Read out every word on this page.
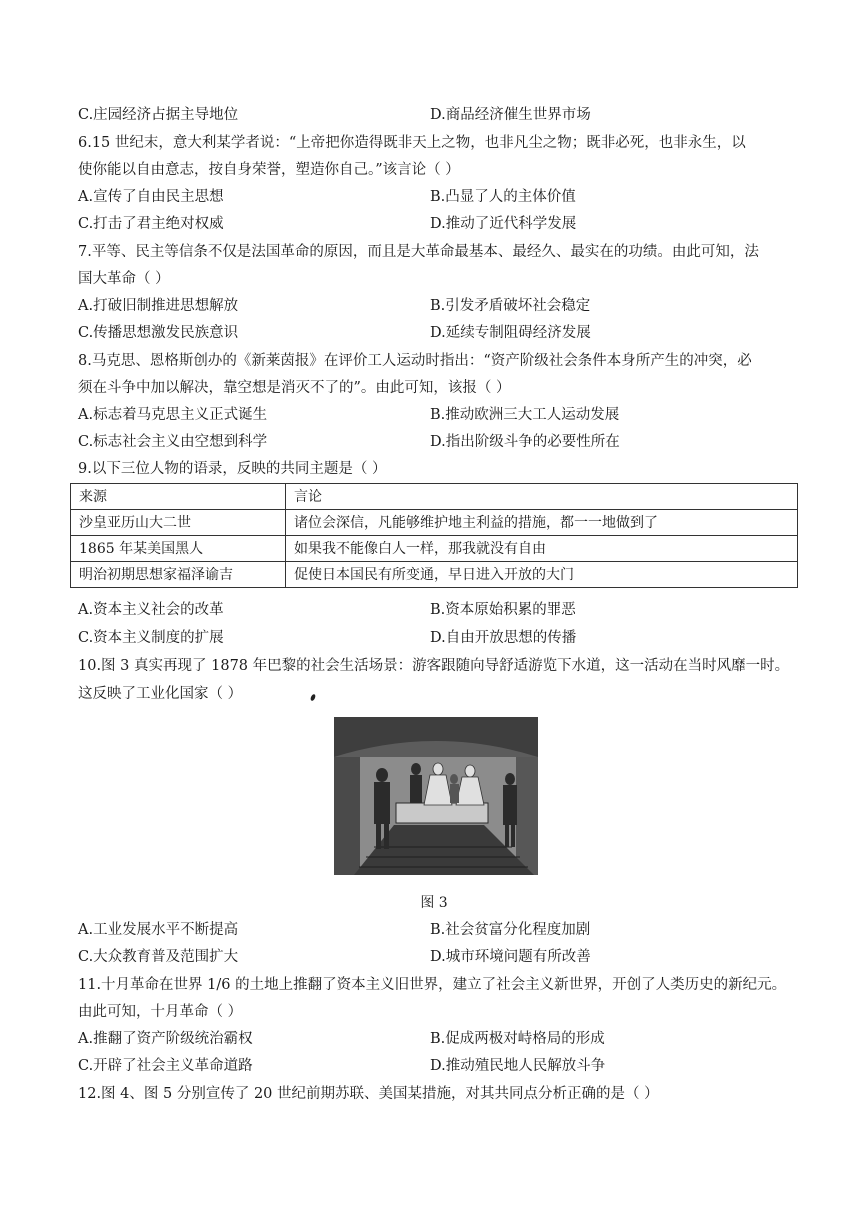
C.庄园经济占据主导地位	D.商品经济催生世界市场
6.15 世纪末，意大利某学者说：“上帝把你造得既非天上之物，也非凡尘之物；既非必死，也非永生，以
使你能以自由意志，按自身荣誉，塑造你自己。”该言论（ ）
A.宣传了自由民主思想	B.凸显了人的主体价值
C.打击了君主绝对权威	D.推动了近代科学发展
7.平等、民主等信条不仅是法国革命的原因，而且是大革命最基本、最经久、最实在的功绩。由此可知，法
国大革命（ ）
A.打破旧制推进思想解放	B.引发矛盾破坏社会稳定
C.传播思想激发民族意识	D.延续专制阻碍经济发展
8.马克思、恩格斯创办的《新莱茵报》在评价工人运动时指出：“资产阶级社会条件本身所产生的冲突，必
须在斗争中加以解决，靠空想是消灭不了的”。由此可知，该报（ ）
A.标志着马克思主义正式诞生	B.推动欧洲三大工人运动发展
C.标志社会主义由空想到科学	D.指出阶级斗争的必要性所在
9.以下三位人物的语录，反映的共同主题是（ ）
来源	言论
沙皇亚历山大二世	诸位会深信，凡能够维护地主利益的措施，都一一地做到了
1865 年某美国黑人	如果我不能像白人一样，那我就没有自由
明治初期思想家福泽谕吉	促使日本国民有所变通，早日进入开放的大门
A.资本主义社会的改革	B.资本原始积累的罪恶
C.资本主义制度的扩展	D.自由开放思想的传播
10.图 3 真实再现了 1878 年巴黎的社会生活场景：游客跟随向导舒适游览下水道，这一活动在当时风靡一时。
这反映了工业化国家（ ）
图 3
A.工业发展水平不断提高	B.社会贫富分化程度加剧
C.大众教育普及范围扩大	D.城市环境问题有所改善
11.十月革命在世界 1/6 的土地上推翻了资本主义旧世界，建立了社会主义新世界，开创了人类历史的新纪元。
由此可知，十月革命（ ）
A.推翻了资产阶级统治霸权	B.促成两极对峙格局的形成
C.开辟了社会主义革命道路	D.推动殖民地人民解放斗争
12.图 4、图 5 分别宣传了 20 世纪前期苏联、美国某措施，对其共同点分析正确的是（ ）
